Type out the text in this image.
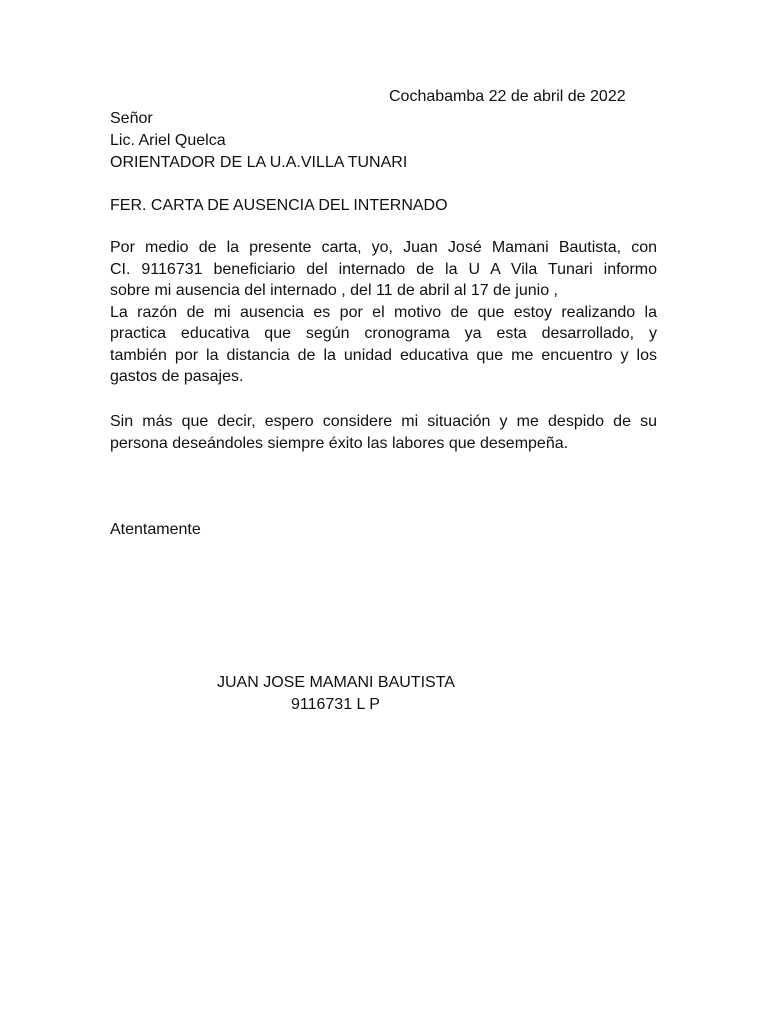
Cochabamba 22 de abril de 2022
Señor
Lic. Ariel Quelca
ORIENTADOR DE LA U.A.VILLA TUNARI
FER. CARTA DE AUSENCIA DEL INTERNADO
Por medio de la presente carta, yo, Juan José Mamani Bautista, con
CI. 9116731 beneficiario del internado de la U A Vila Tunari informo
sobre mi ausencia del internado , del 11 de abril al 17 de junio ,
La razón de mi ausencia es por el motivo de que estoy realizando la
practica educativa que según cronograma ya esta desarrollado, y
también por la distancia de la unidad educativa que me encuentro y los
gastos de pasajes.
Sin más que decir, espero considere mi situación y me despido de su
persona deseándoles siempre éxito las labores que desempeña.
Atentamente
JUAN JOSE MAMANI BAUTISTA
9116731 L P
